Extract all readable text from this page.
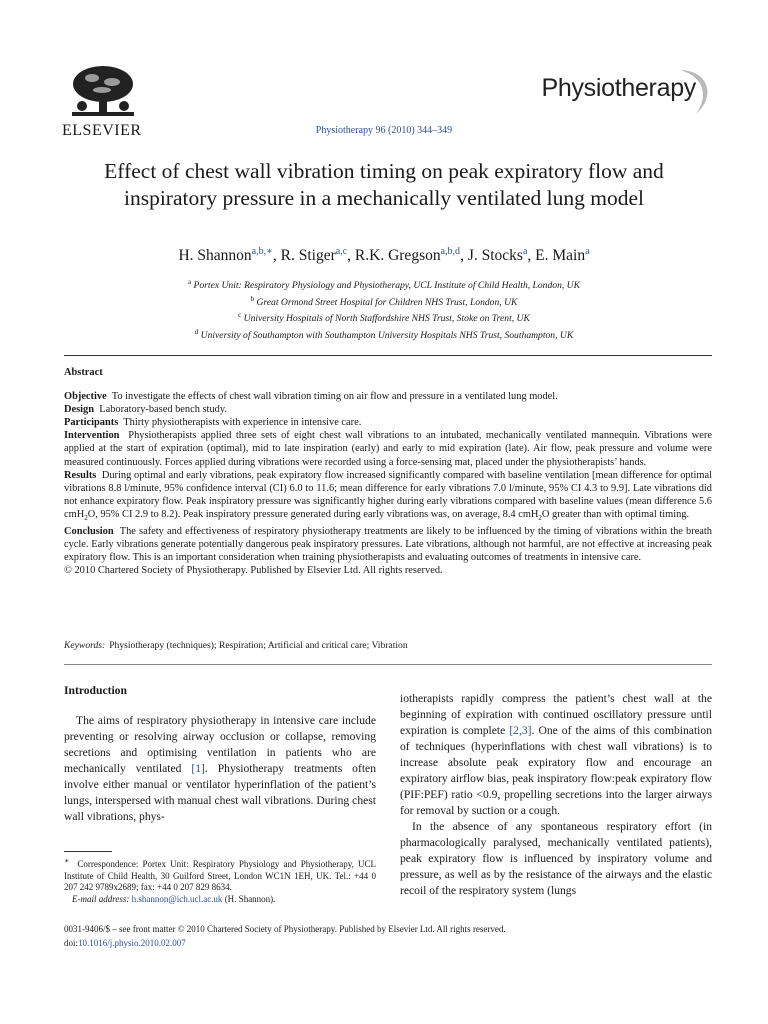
ELSEVIER	Physiotherapy 96 (2010) 344–349
Physiotherapy
Effect of chest wall vibration timing on peak expiratory flow and
inspiratory pressure in a mechanically ventilated lung model
H. Shannon$^{a,b,∗}$, R. Stiger$^{a,c}$, R.K. Gregson$^{a,b,d}$, J. Stocks$^a$, E. Main$^a$
$^a$ Portex Unit: Respiratory Physiology and Physiotherapy, UCL Institute of Child Health, London, UK
$^b$ Great Ormond Street Hospital for Children NHS Trust, London, UK
$^c$ University Hospitals of North Staffordshire NHS Trust, Stoke on Trent, UK
$^d$ University of Southampton with Southampton University Hospitals NHS Trust, Southampton, UK
Abstract

Objective To investigate the effects of chest wall vibration timing on air flow and pressure in a ventilated lung model.

Design Laboratory-based bench study.

Participants Thirty physiotherapists with experience in intensive care.

Intervention Physiotherapists applied three sets of eight chest wall vibrations to an intubated, mechanically ventilated mannequin. Vibrations were applied at the start of expiration (optimal), mid to late inspiration (early) and early to mid expiration (late). Air flow, peak pressure and volume were measured continuously. Forces applied during vibrations were recorded using a force-sensing mat, placed under the physiotherapists’ hands.

Results During optimal and early vibrations, peak expiratory flow increased significantly compared with baseline ventilation [mean difference for optimal vibrations 8.8 l/minute, 95% confidence interval (CI) 6.0 to 11.6; mean difference for early vibrations 7.0 l/minute, 95% CI 4.3 to 9.9]. Late vibrations did not enhance expiratory flow. Peak inspiratory pressure was significantly higher during early vibrations compared with baseline values (mean difference 5.6 cmH$_2$O, 95% CI 2.9 to 8.2). Peak inspiratory pressure generated during early vibrations was, on average, 8.4 cmH$_2$O greater than with optimal timing.

Conclusion The safety and effectiveness of respiratory physiotherapy treatments are likely to be influenced by the timing of vibrations within the breath cycle. Early vibrations generate potentially dangerous peak inspiratory pressures. Late vibrations, although not harmful, are not effective at increasing peak expiratory flow. This is an important consideration when training physiotherapists and evaluating outcomes of treatments in intensive care.

© 2010 Chartered Society of Physiotherapy. Published by Elsevier Ltd. All rights reserved.

Keywords: Physiotherapy (techniques); Respiration; Artificial and critical care; Vibration
Introduction

The aims of respiratory physiotherapy in intensive care include preventing or resolving airway occlusion or collapse, removing secretions and optimising ventilation in patients who are mechanically ventilated [1]. Physiotherapy treatments often involve either manual or ventilator hyperinflation of the patient’s lungs, interspersed with manual chest wall vibrations. During chest wall vibrations, phys-

iotherapists rapidly compress the patient’s chest wall at the beginning of expiration with continued oscillatory pressure until expiration is complete [2,3]. One of the aims of this combination of techniques (hyperinflations with chest wall vibrations) is to increase absolute peak expiratory flow and encourage an expiratory airflow bias, peak inspiratory flow:peak expiratory flow (PIF:PEF) ratio <0.9, propelling secretions into the larger airways for removal by suction or a cough.

In the absence of any spontaneous respiratory effort (in pharmacologically paralysed, mechanically ventilated patients), peak expiratory flow is influenced by inspiratory volume and pressure, as well as by the resistance of the airways and the elastic recoil of the respiratory system (lungs

∗ Correspondence: Portex Unit: Respiratory Physiology and Physiotherapy, UCL Institute of Child Health, 30 Guilford Street, London WC1N 1EH, UK. Tel.: +44 0 207 242 9789x2689; fax: +44 0 207 829 8634.
E-mail address: h.shannon@ich.ucl.ac.uk (H. Shannon).
0031-9406/$ – see front matter © 2010 Chartered Society of Physiotherapy. Published by Elsevier Ltd. All rights reserved.
doi:10.1016/j.physio.2010.02.007
